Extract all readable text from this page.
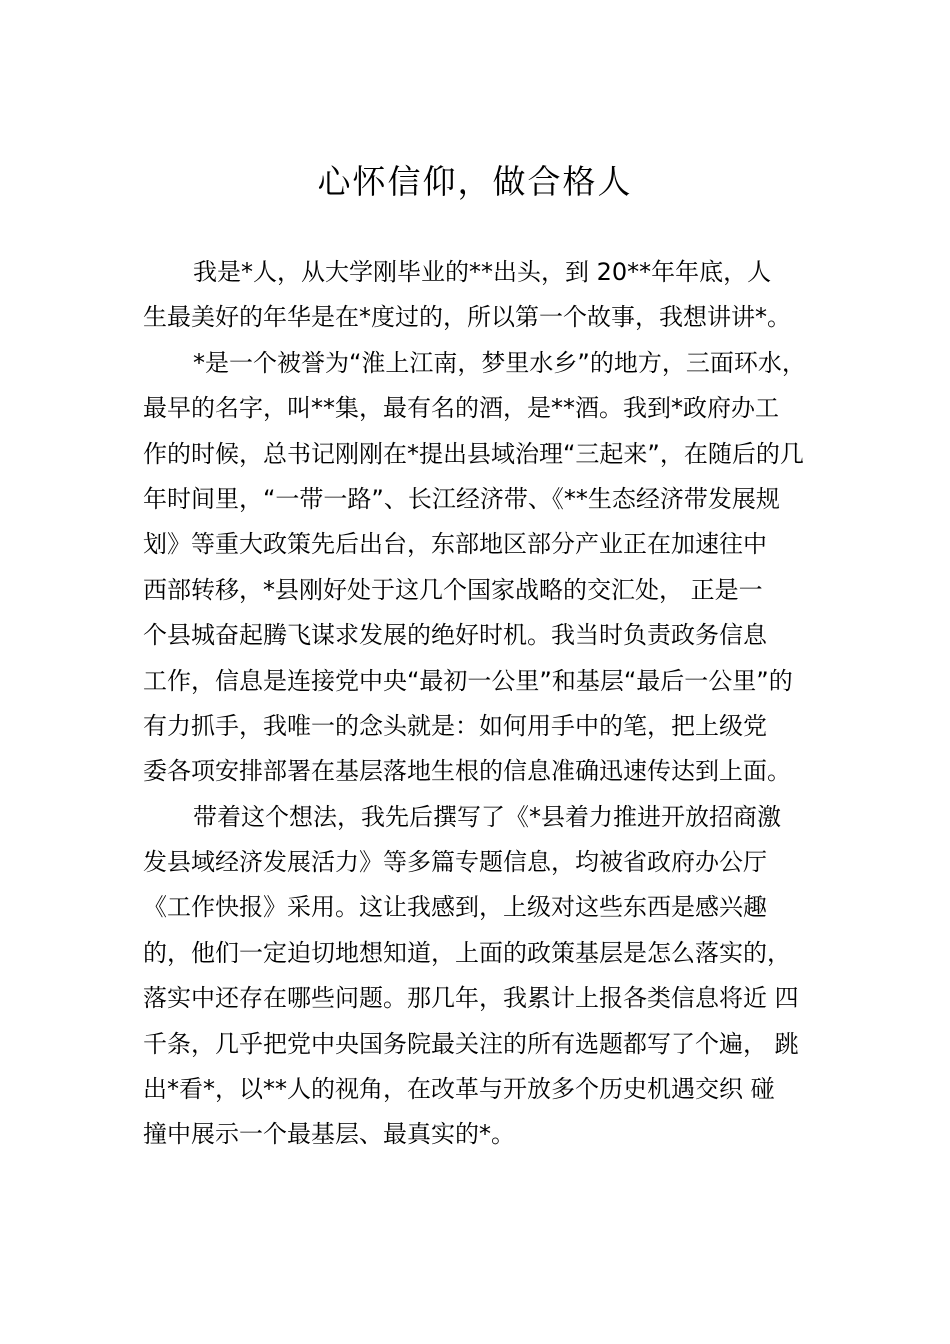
心怀信仰，做合格人
我是*人，从大学刚毕业的**出头，到 20**年年底，人
生最美好的年华是在*度过的，所以第一个故事，我想讲讲*。
*是一个被誉为“淮上江南，梦里水乡”的地方，三面环水，
最早的名字，叫**集，最有名的酒，是**酒。我到*政府办工
作的时候，总书记刚刚在*提出县域治理“三起来”，在随后的几
年时间里，“一带一路”、长江经济带、《**生态经济带发展规
划》等重大政策先后出台，东部地区部分产业正在加速往中
西部转移，*县刚好处于这几个国家战略的交汇处， 正是一
个县城奋起腾飞谋求发展的绝好时机。我当时负责政务信息
工作，信息是连接党中央“最初一公里”和基层“最后一公里”的
有力抓手，我唯一的念头就是：如何用手中的笔，把上级党
委各项安排部署在基层落地生根的信息准确迅速传达到上面。
带着这个想法，我先后撰写了《*县着力推进开放招商激
发县域经济发展活力》等多篇专题信息，均被省政府办公厅
《工作快报》采用。这让我感到，上级对这些东西是感兴趣
的，他们一定迫切地想知道，上面的政策基层是怎么落实的，
落实中还存在哪些问题。那几年，我累计上报各类信息将近 四
千条，几乎把党中央国务院最关注的所有选题都写了个遍， 跳
出*看*，以**人的视角，在改革与开放多个历史机遇交织 碰
撞中展示一个最基层、最真实的*。
